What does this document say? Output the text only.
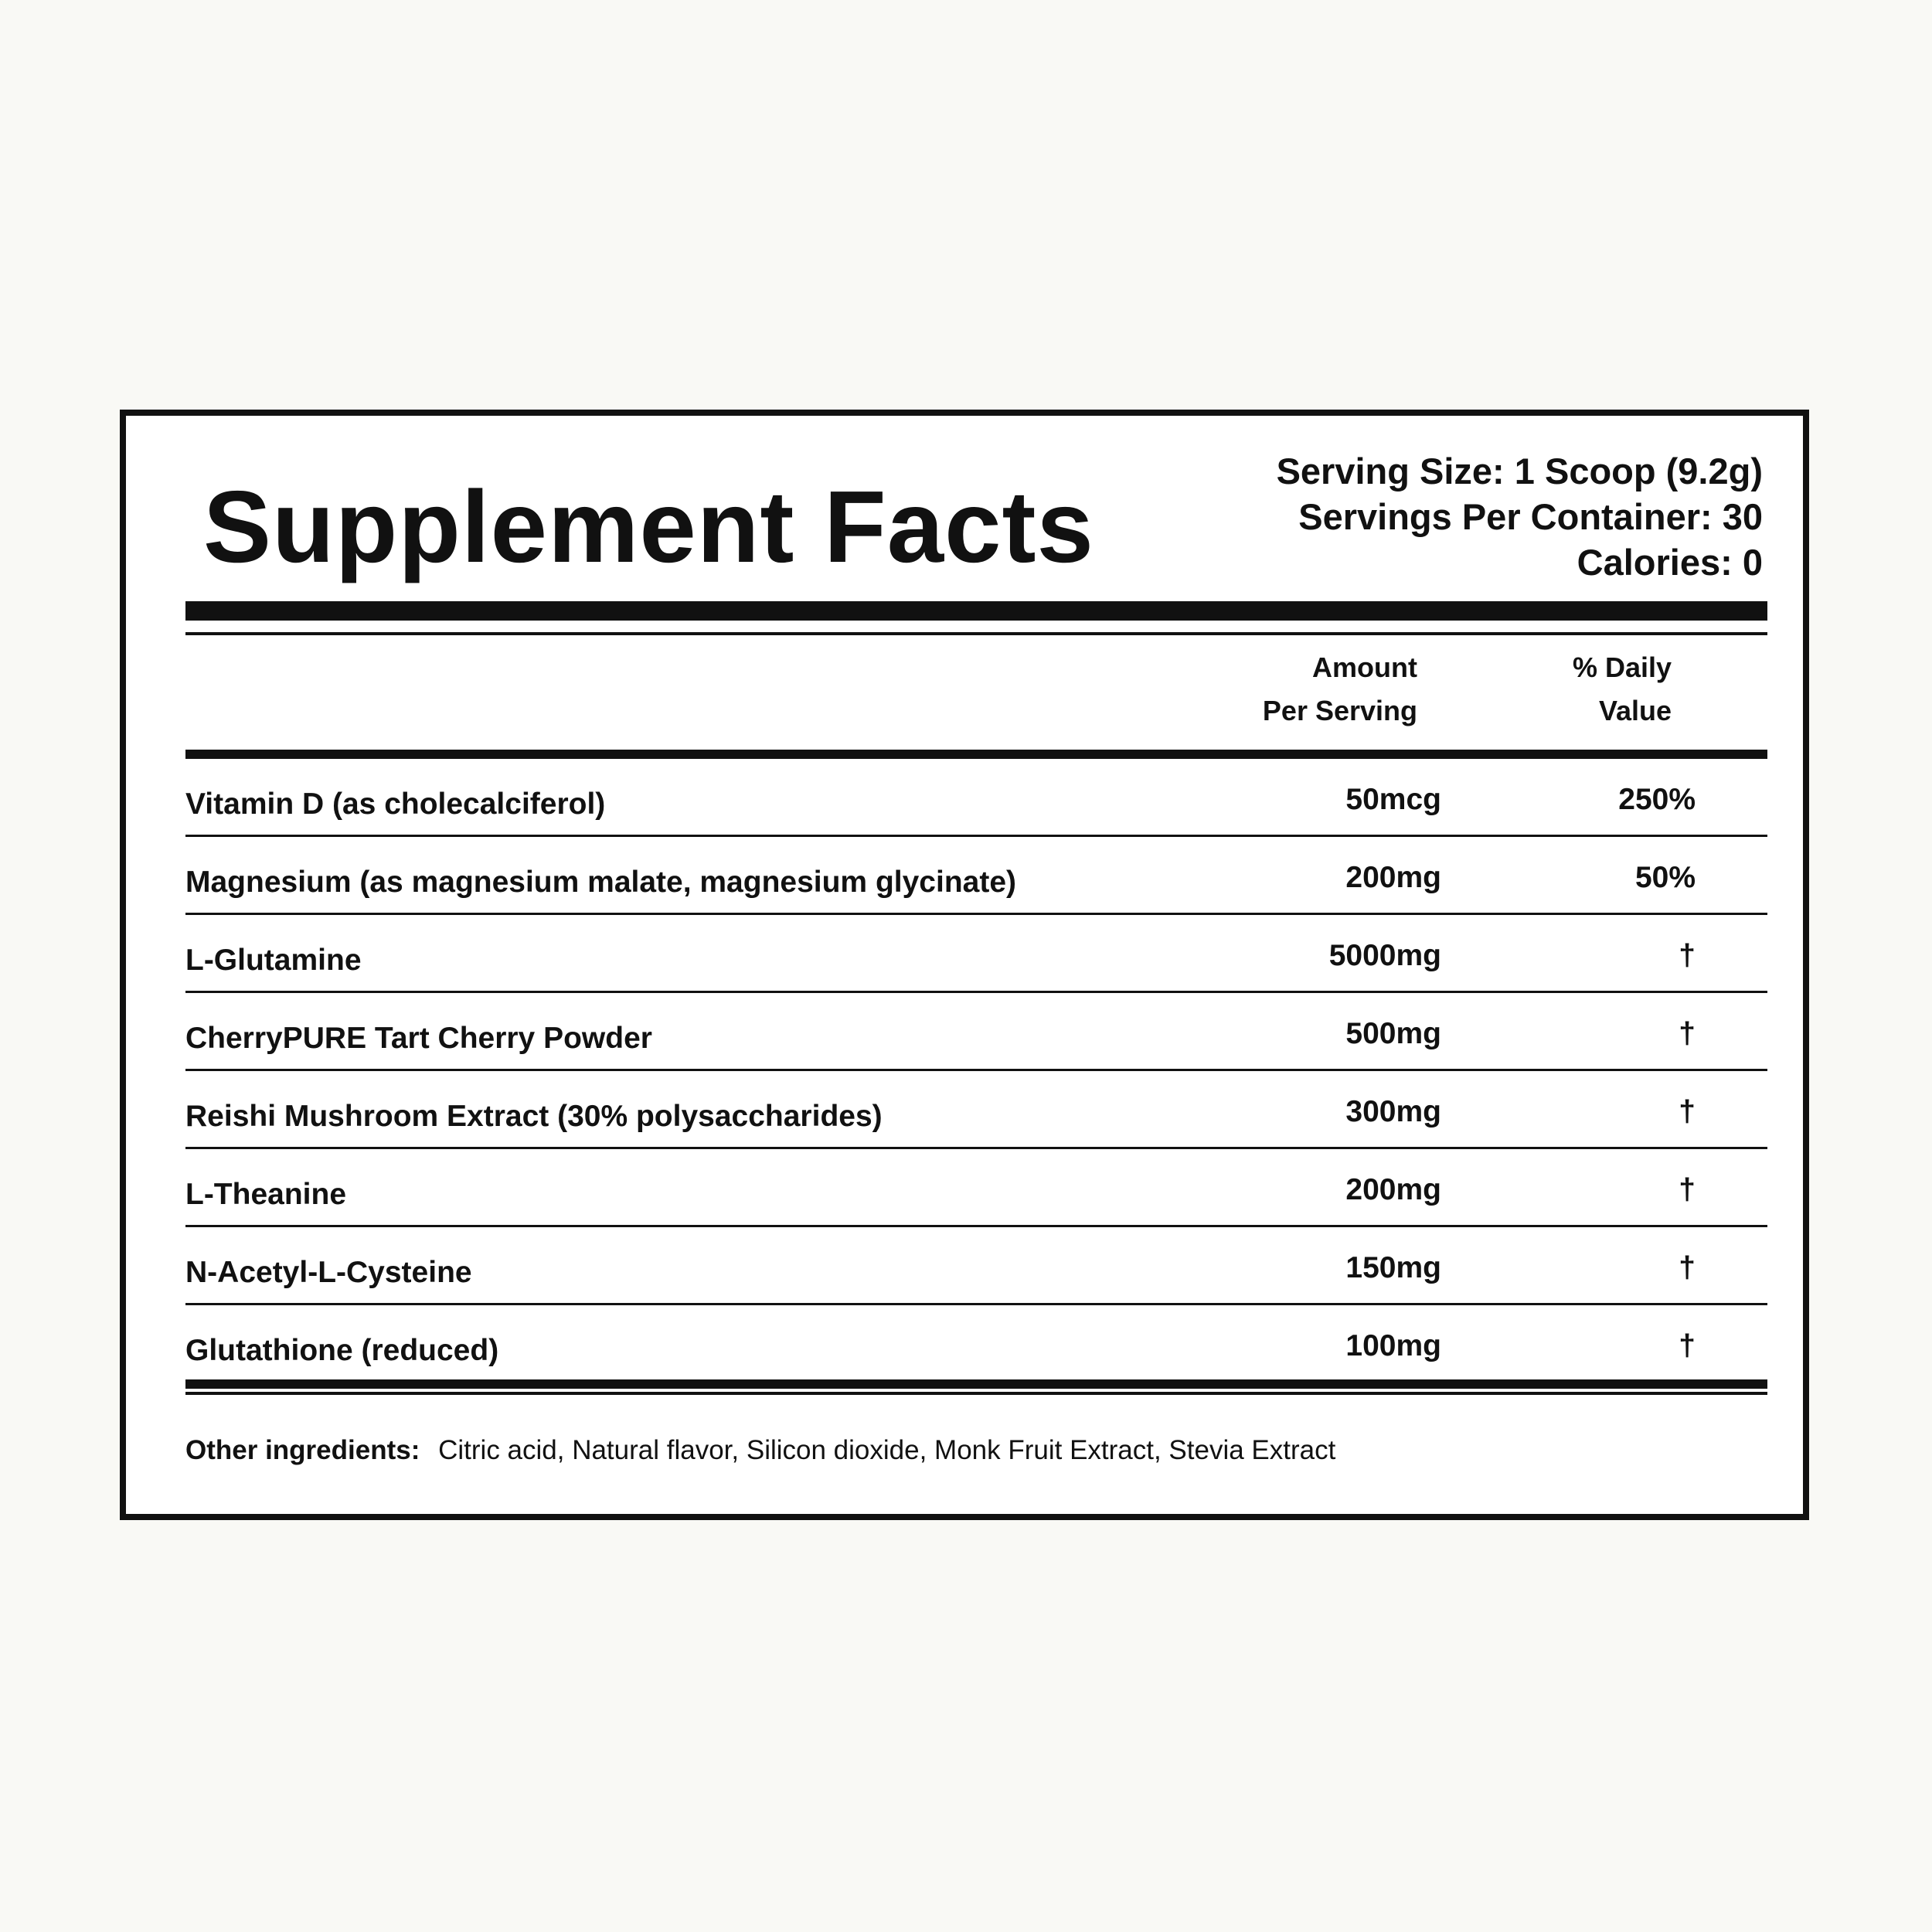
Supplement Facts	Serving Size: 1 Scoop (9.2g)
Servings Per Container: 30
Calories: 0
Amount
Per Serving
% Daily
Value
Vitamin D (as cholecalciferol)	50mcg	250%
Magnesium (as magnesium malate, magnesium glycinate)	200mg	50%
L-Glutamine	5000mg	†
CherryPURE Tart Cherry Powder	500mg	†
Reishi Mushroom Extract (30% polysaccharides)	300mg	†
L-Theanine	200mg	†
N-Acetyl-L-Cysteine	150mg	†
Glutathione (reduced)	100mg	†
Other ingredients: Citric acid, Natural flavor, Silicon dioxide, Monk Fruit Extract, Stevia Extract
